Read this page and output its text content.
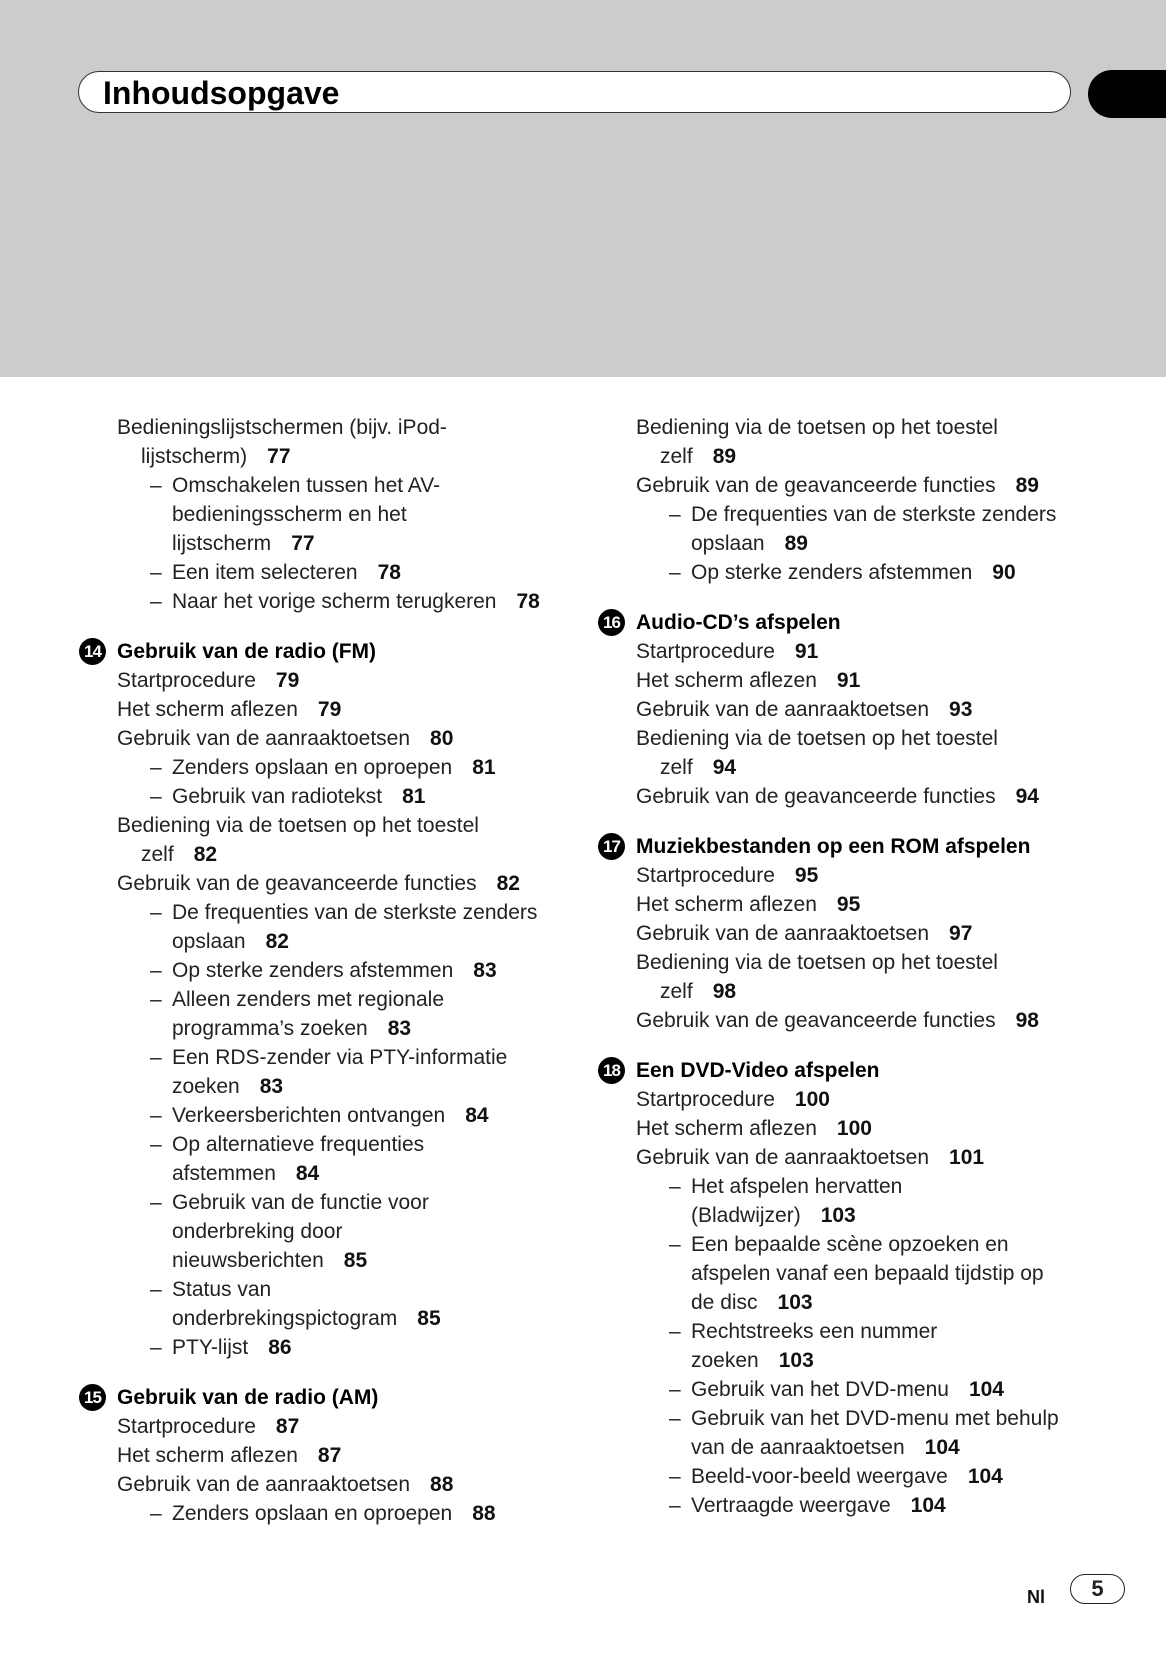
Inhoudsopgave
Bedieningslijstschermen (bijv. iPod-
lijstscherm) 77
– Omschakelen tussen het AV-
bedieningsscherm en het
lijstscherm 77
– Een item selecteren 78
– Naar het vorige scherm terugkeren 78
14 Gebruik van de radio (FM)
Startprocedure 79
Het scherm aflezen 79
Gebruik van de aanraaktoetsen 80
– Zenders opslaan en oproepen 81
– Gebruik van radiotekst 81
Bediening via de toetsen op het toestel
zelf 82
Gebruik van de geavanceerde functies 82
– De frequenties van de sterkste zenders
opslaan 82
– Op sterke zenders afstemmen 83
– Alleen zenders met regionale
programma’s zoeken 83
– Een RDS-zender via PTY-informatie
zoeken 83
– Verkeersberichten ontvangen 84
– Op alternatieve frequenties
afstemmen 84
– Gebruik van de functie voor
onderbreking door
nieuwsberichten 85
– Status van
onderbrekingspictogram 85
– PTY-lijst 86
15 Gebruik van de radio (AM)
Startprocedure 87
Het scherm aflezen 87
Gebruik van de aanraaktoetsen 88
– Zenders opslaan en oproepen 88
Bediening via de toetsen op het toestel
zelf 89
Gebruik van de geavanceerde functies 89
– De frequenties van de sterkste zenders
opslaan 89
– Op sterke zenders afstemmen 90
16 Audio-CD’s afspelen
Startprocedure 91
Het scherm aflezen 91
Gebruik van de aanraaktoetsen 93
Bediening via de toetsen op het toestel
zelf 94
Gebruik van de geavanceerde functies 94
17 Muziekbestanden op een ROM afspelen
Startprocedure 95
Het scherm aflezen 95
Gebruik van de aanraaktoetsen 97
Bediening via de toetsen op het toestel
zelf 98
Gebruik van de geavanceerde functies 98
18 Een DVD-Video afspelen
Startprocedure 100
Het scherm aflezen 100
Gebruik van de aanraaktoetsen 101
– Het afspelen hervatten
(Bladwijzer) 103
– Een bepaalde scène opzoeken en
afspelen vanaf een bepaald tijdstip op
de disc 103
– Rechtstreeks een nummer
zoeken 103
– Gebruik van het DVD-menu 104
– Gebruik van het DVD-menu met behulp
van de aanraaktoetsen 104
– Beeld-voor-beeld weergave 104
– Vertraagde weergave 104
Nl	5
